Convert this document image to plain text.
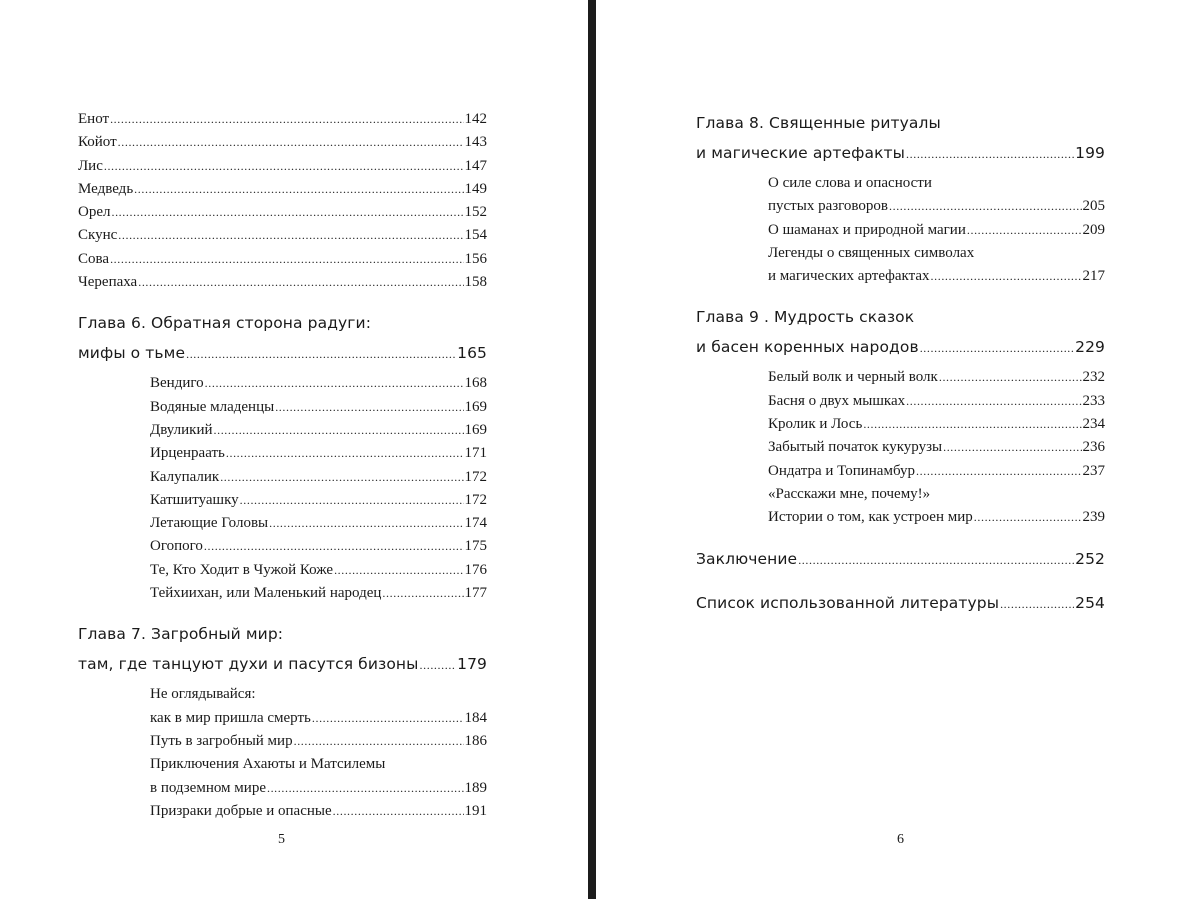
Енот .....	142
Койот .....	143
Лис .....	147
Медведь .....	149
Орел .....	152
Скунс .....	154
Сова .....	156
Черепаха .....	158
Глава 6. Обратная сторона радуги:
мифы о тьме .....	165
Вендиго .....	168
Водяные младенцы .....	169
Двуликий .....	169
Ирценраать .....	171
Калупалик .....	172
Катшитуашку .....	172
Летающие Головы .....	174
Огопого .....	175
Те, Кто Ходит в Чужой Коже .....	176
Тейхиихан, или Маленький народец .....	177
Глава 7. Загробный мир:
там, где танцуют духи и пасутся бизоны ..... 179
Не оглядывайся:
как в мир пришла смерть .....	184
Путь в загробный мир .....	186
Приключения Ахаюты и Матсилемы
в подземном мире .....	189
Призраки добрые и опасные .....	191
5
Глава 8. Священные ритуалы
и магические артефакты .....	199
О силе слова и опасности
пустых разговоров .....	205
О шаманах и природной магии .....	209
Легенды о священных символах
и магических артефактах .....	217
Глава 9 . Мудрость сказок
и басен коренных народов .....	229
Белый волк и черный волк .....	232
Басня о двух мышках .....	233
Кролик и Лось .....	234
Забытый початок кукурузы .....	236
Ондатра и Топинамбур .....	237
«Расскажи мне, почему!»
Истории о том, как устроен мир .....	239
Заключение .....	252
Список использованной литературы .....	254
6
